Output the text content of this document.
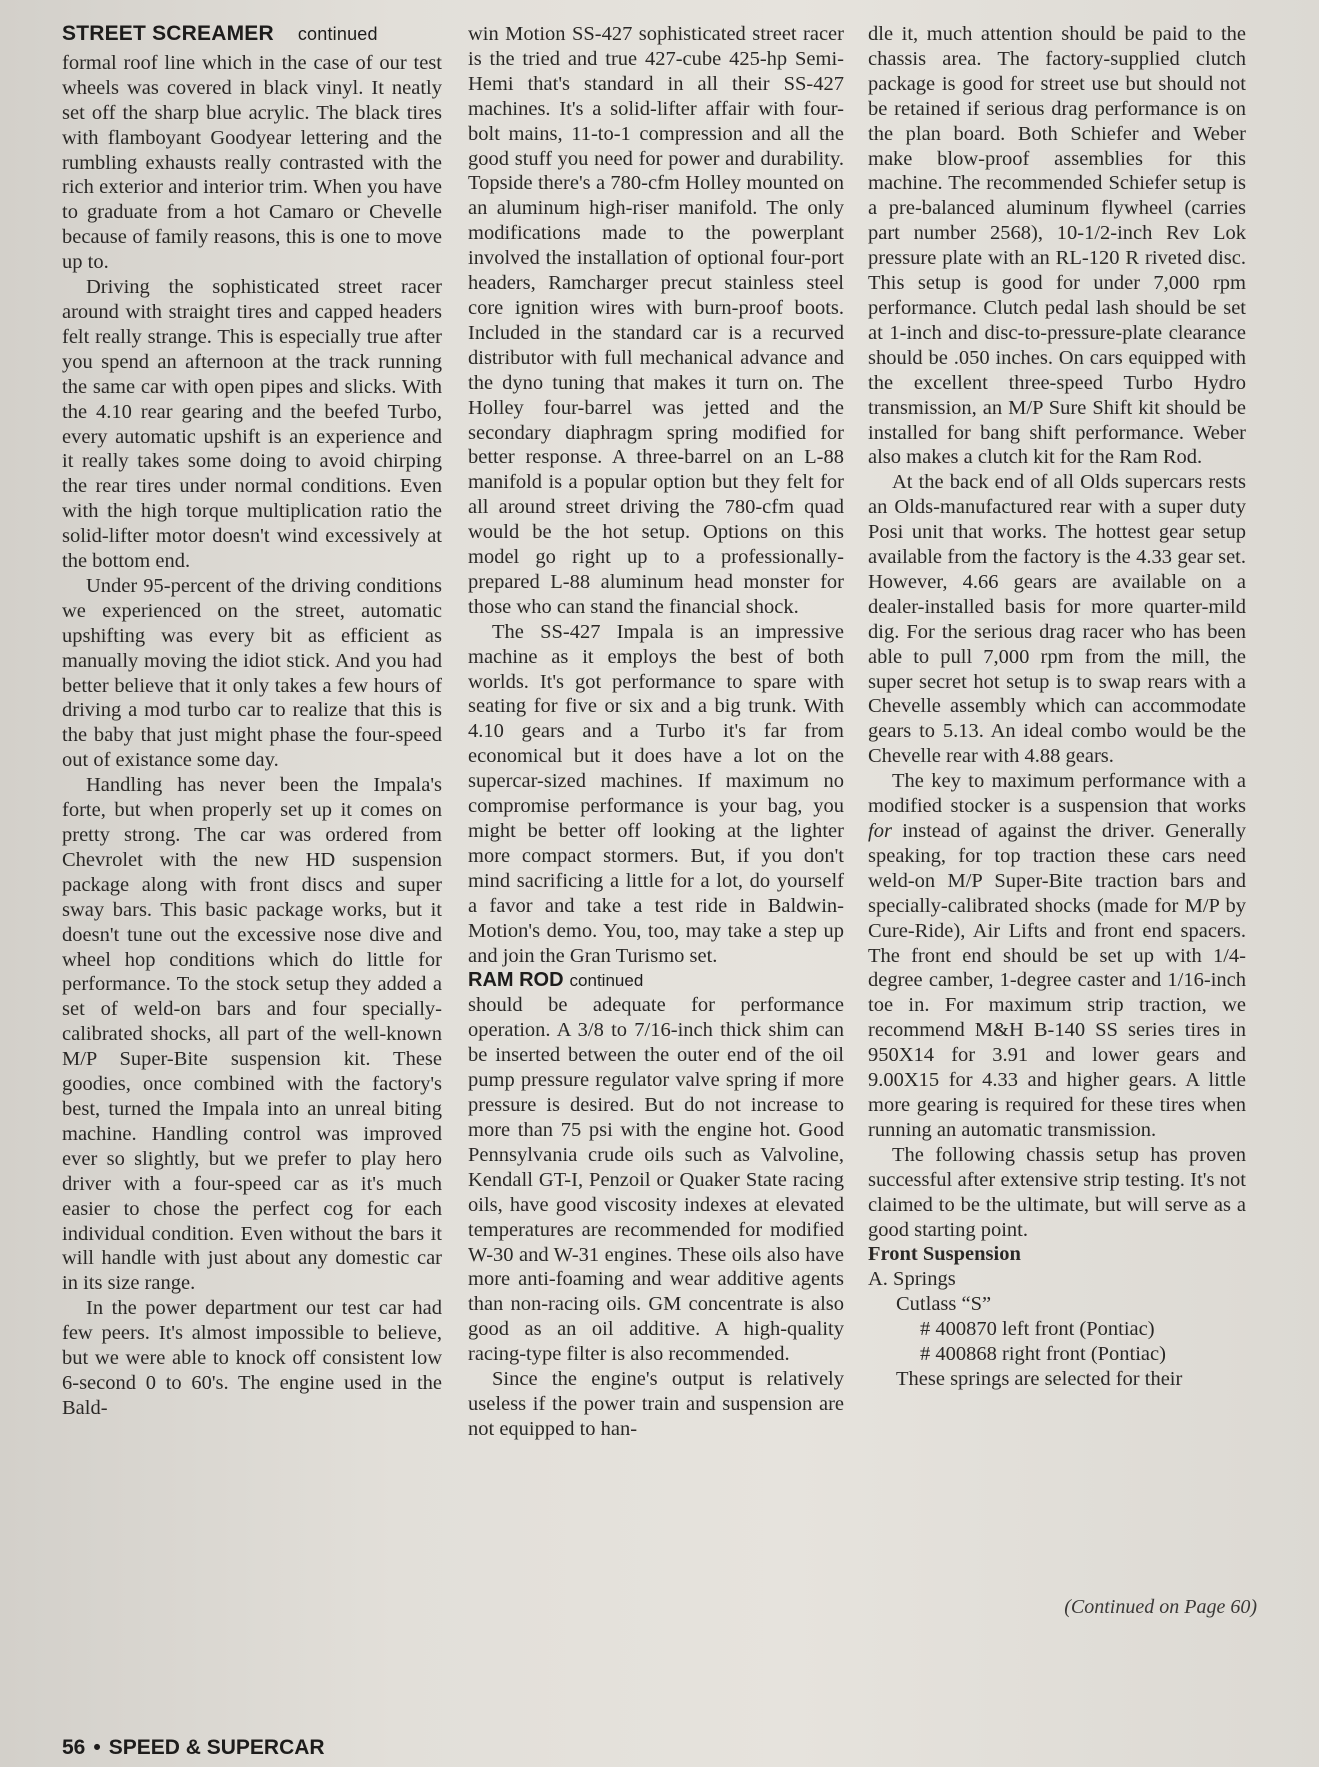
STREET SCREAMER continued

formal roof line which in the case of our test wheels was covered in black vinyl. It neatly set off the sharp blue acrylic. The black tires with flamboyant Goodyear lettering and the rumbling exhausts really contrasted with the rich exterior and interior trim. When you have to graduate from a hot Camaro or Chevelle because of family reasons, this is one to move up to.

Driving the sophisticated street racer around with straight tires and capped headers felt really strange. This is especially true after you spend an afternoon at the track running the same car with open pipes and slicks. With the 4.10 rear gearing and the beefed Turbo, every automatic upshift is an experience and it really takes some doing to avoid chirping the rear tires under normal conditions. Even with the high torque multiplication ratio the solid-lifter motor doesn't wind excessively at the bottom end.

Under 95-percent of the driving conditions we experienced on the street, automatic upshifting was every bit as efficient as manually moving the idiot stick. And you had better believe that it only takes a few hours of driving a mod turbo car to realize that this is the baby that just might phase the four-speed out of existance some day.

Handling has never been the Impala's forte, but when properly set up it comes on pretty strong. The car was ordered from Chevrolet with the new HD suspension package along with front discs and super sway bars. This basic package works, but it doesn't tune out the excessive nose dive and wheel hop conditions which do little for performance. To the stock setup they added a set of weld-on bars and four specially-calibrated shocks, all part of the well-known M/P Super-Bite suspension kit. These goodies, once combined with the factory's best, turned the Impala into an unreal biting machine. Handling control was improved ever so slightly, but we prefer to play hero driver with a four-speed car as it's much easier to chose the perfect cog for each individual condition. Even without the bars it will handle with just about any domestic car in its size range.

In the power department our test car had few peers. It's almost impossible to believe, but we were able to knock off consistent low 6-second 0 to 60's. The engine used in the Bald-

win Motion SS-427 sophisticated street racer is the tried and true 427-cube 425-hp Semi-Hemi that's standard in all their SS-427 machines. It's a solid-lifter affair with four-bolt mains, 11-to-1 compression and all the good stuff you need for power and durability. Topside there's a 780-cfm Holley mounted on an aluminum high-riser manifold. The only modifications made to the powerplant involved the installation of optional four-port headers, Ramcharger precut stainless steel core ignition wires with burn-proof boots. Included in the standard car is a recurved distributor with full mechanical advance and the dyno tuning that makes it turn on. The Holley four-barrel was jetted and the secondary diaphragm spring modified for better response. A three-barrel on an L-88 manifold is a popular option but they felt for all around street driving the 780-cfm quad would be the hot setup. Options on this model go right up to a professionally-prepared L-88 aluminum head monster for those who can stand the financial shock.

The SS-427 Impala is an impressive machine as it employs the best of both worlds. It's got performance to spare with seating for five or six and a big trunk. With 4.10 gears and a Turbo it's far from economical but it does have a lot on the supercar-sized machines. If maximum no compromise performance is your bag, you might be better off looking at the lighter more compact stormers. But, if you don't mind sacrificing a little for a lot, do yourself a favor and take a test ride in Baldwin-Motion's demo. You, too, may take a step up and join the Gran Turismo set.

RAM ROD continued

should be adequate for performance operation. A 3/8 to 7/16-inch thick shim can be inserted between the outer end of the oil pump pressure regulator valve spring if more pressure is desired. But do not increase to more than 75 psi with the engine hot. Good Pennsylvania crude oils such as Valvoline, Kendall GT-I, Penzoil or Quaker State racing oils, have good viscosity indexes at elevated temperatures are recommended for modified W-30 and W-31 engines. These oils also have more anti-foaming and wear additive agents than non-racing oils. GM concentrate is also good as an oil additive. A high-quality racing-type filter is also recommended.

Since the engine's output is relatively useless if the power train and suspension are not equipped to han-

dle it, much attention should be paid to the chassis area. The factory-supplied clutch package is good for street use but should not be retained if serious drag performance is on the plan board. Both Schiefer and Weber make blow-proof assemblies for this machine. The recommended Schiefer setup is a pre-balanced aluminum flywheel (carries part number 2568), 10-1/2-inch Rev Lok pressure plate with an RL-120 R riveted disc. This setup is good for under 7,000 rpm performance. Clutch pedal lash should be set at 1-inch and disc-to-pressure-plate clearance should be .050 inches. On cars equipped with the excellent three-speed Turbo Hydro transmission, an M/P Sure Shift kit should be installed for bang shift performance. Weber also makes a clutch kit for the Ram Rod.

At the back end of all Olds supercars rests an Olds-manufactured rear with a super duty Posi unit that works. The hottest gear setup available from the factory is the 4.33 gear set. However, 4.66 gears are available on a dealer-installed basis for more quarter-mild dig. For the serious drag racer who has been able to pull 7,000 rpm from the mill, the super secret hot setup is to swap rears with a Chevelle assembly which can accommodate gears to 5.13. An ideal combo would be the Chevelle rear with 4.88 gears.

The key to maximum performance with a modified stocker is a suspension that works for instead of against the driver. Generally speaking, for top traction these cars need weld-on M/P Super-Bite traction bars and specially-calibrated shocks (made for M/P by Cure-Ride), Air Lifts and front end spacers. The front end should be set up with 1/4-degree camber, 1-degree caster and 1/16-inch toe in. For maximum strip traction, we recommend M&H B-140 SS series tires in 950X14 for 3.91 and lower gears and 9.00X15 for 4.33 and higher gears. A little more gearing is required for these tires when running an automatic transmission.

The following chassis setup has proven successful after extensive strip testing. It's not claimed to be the ultimate, but will serve as a good starting point.

Front Suspension
A. Springs
Cutlass “S”
# 400870 left front (Pontiac)
# 400868 right front (Pontiac)
These springs are selected for their
(Continued on Page 60)
56 • SPEED & SUPERCAR
